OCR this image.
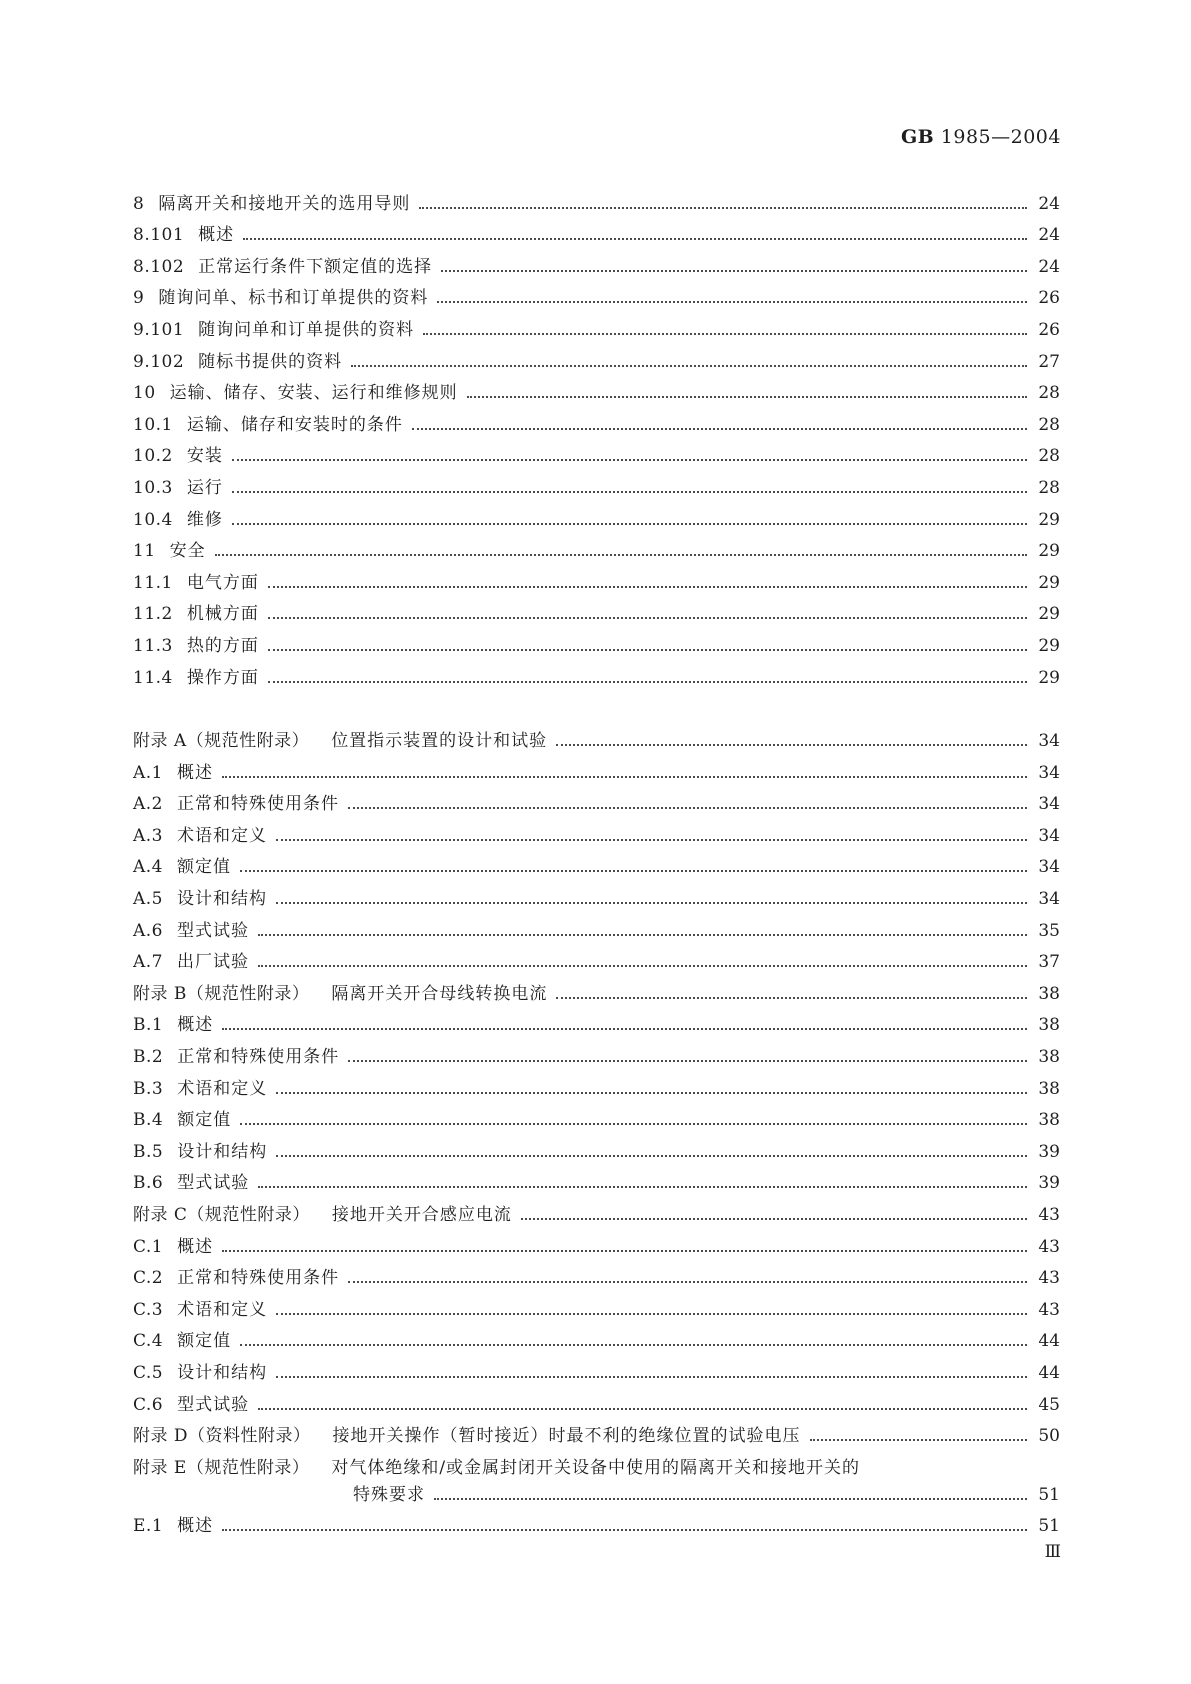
GB 1985—2004
8 隔离开关和接地开关的选用导则	24
8.101 概述	24
8.102 正常运行条件下额定值的选择	24
9 随询问单、标书和订单提供的资料	26
9.101 随询问单和订单提供的资料	26
9.102 随标书提供的资料	27
10 运输、储存、安装、运行和维修规则	28
10.1 运输、储存和安装时的条件	28
10.2 安装	28
10.3 运行	28
10.4 维修	29
11 安全	29
11.1 电气方面	29
11.2 机械方面	29
11.3 热的方面	29
11.4 操作方面	29
附录 A（规范性附录） 位置指示装置的设计和试验	34
A.1 概述	34
A.2 正常和特殊使用条件	34
A.3 术语和定义	34
A.4 额定值	34
A.5 设计和结构	34
A.6 型式试验	35
A.7 出厂试验	37
附录 B（规范性附录） 隔离开关开合母线转换电流	38
B.1 概述	38
B.2 正常和特殊使用条件	38
B.3 术语和定义	38
B.4 额定值	38
B.5 设计和结构	39
B.6 型式试验	39
附录 C（规范性附录） 接地开关开合感应电流	43
C.1 概述	43
C.2 正常和特殊使用条件	43
C.3 术语和定义	43
C.4 额定值	44
C.5 设计和结构	44
C.6 型式试验	45
附录 D（资料性附录） 接地开关操作（暂时接近）时最不利的绝缘位置的试验电压	50
附录 E（规范性附录） 对气体绝缘和/或金属封闭开关设备中使用的隔离开关和接地开关的
特殊要求	51
E.1 概述	51
Ⅲ
